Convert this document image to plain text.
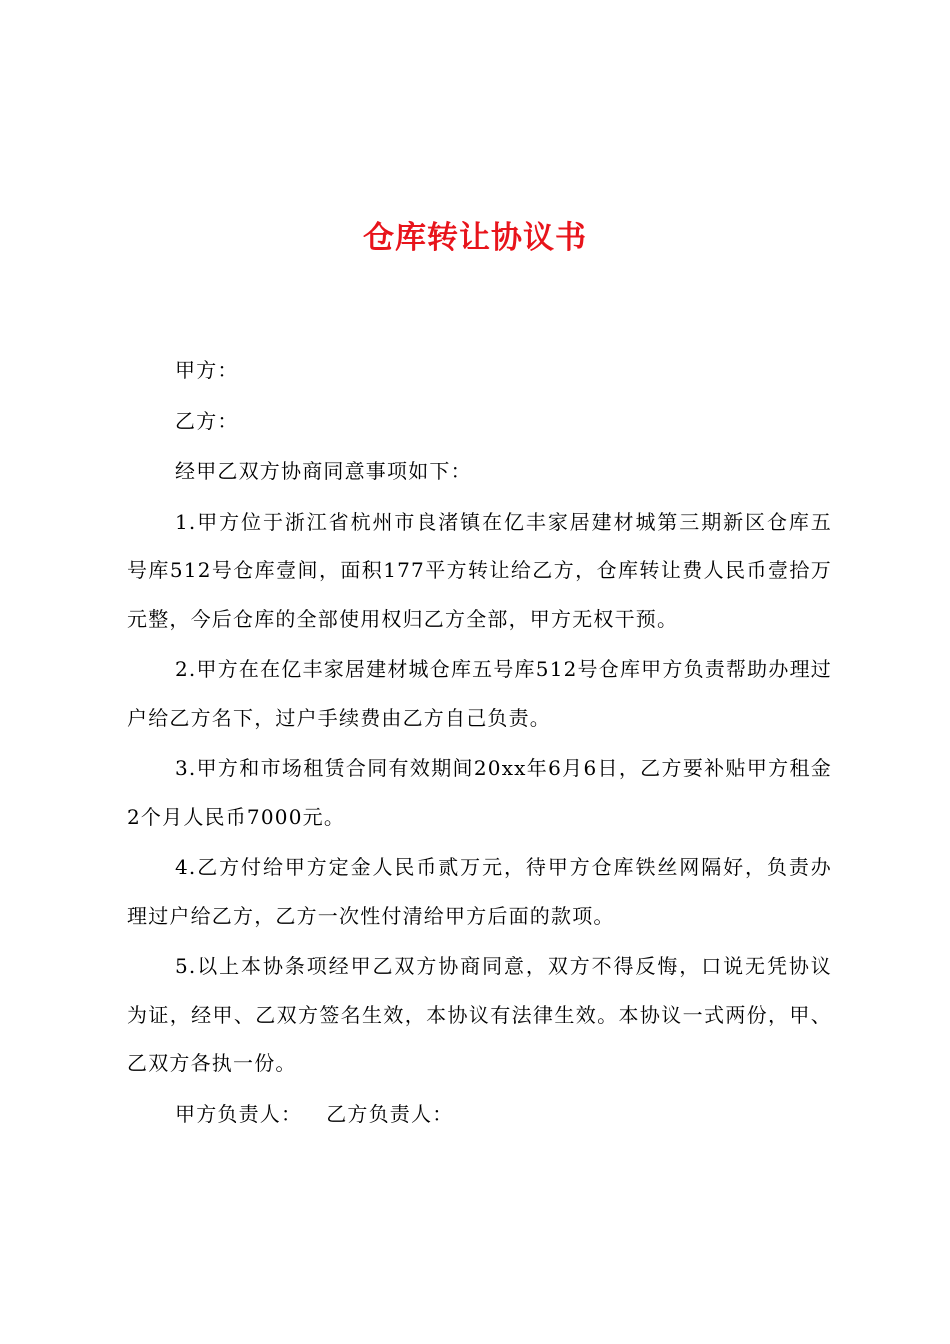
仓库转让协议书

甲方：

乙方：

经甲乙双方协商同意事项如下：

1.甲方位于浙江省杭州市良渚镇在亿丰家居建材城第三期新区仓库五号库512号仓库壹间，面积177平方转让给乙方，仓库转让费人民币壹拾万元整，今后仓库的全部使用权归乙方全部，甲方无权干预。

2.甲方在在亿丰家居建材城仓库五号库512号仓库甲方负责帮助办理过户给乙方名下，过户手续费由乙方自己负责。

3.甲方和市场租赁合同有效期间20xx年6月6日，乙方要补贴甲方租金2个月人民币7000元。

4.乙方付给甲方定金人民币贰万元，待甲方仓库铁丝网隔好，负责办理过户给乙方，乙方一次性付清给甲方后面的款项。

5.以上本协条项经甲乙双方协商同意，双方不得反悔，口说无凭协议为证，经甲、乙双方签名生效，本协议有法律生效。本协议一式两份，甲、乙双方各执一份。

甲方负责人： 乙方负责人：
